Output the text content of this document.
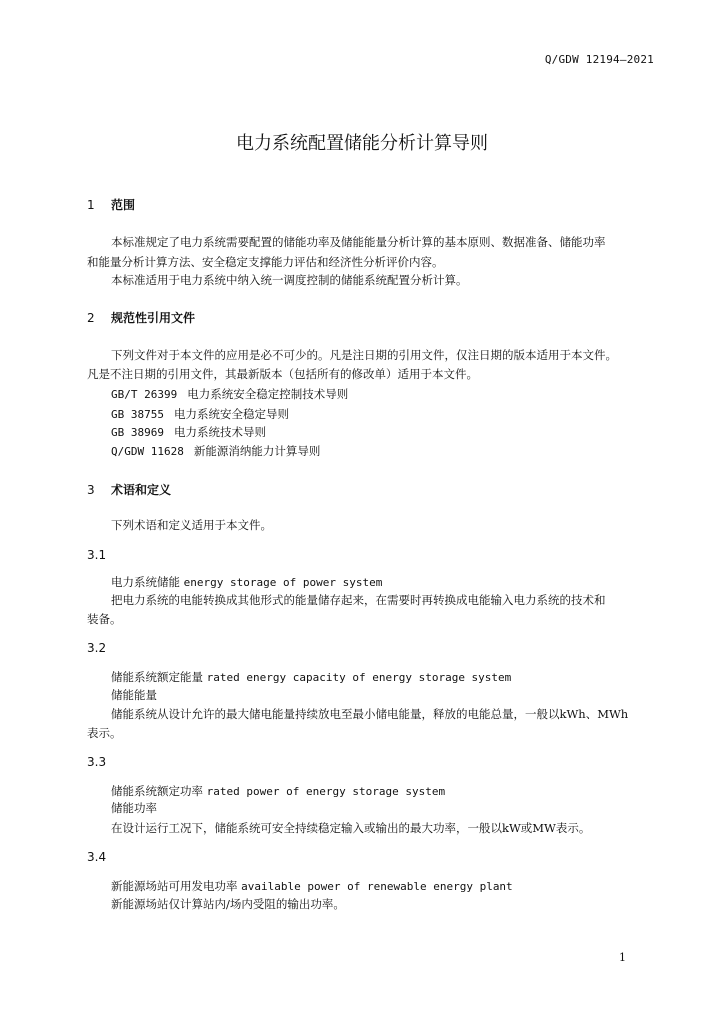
Q/GDW 12194—2021
电力系统配置储能分析计算导则
1 范围
本标准规定了电力系统需要配置的储能功率及储能能量分析计算的基本原则、数据准备、储能功率
和能量分析计算方法、安全稳定支撑能力评估和经济性分析评价内容。
本标准适用于电力系统中纳入统一调度控制的储能系统配置分析计算。
2 规范性引用文件
下列文件对于本文件的应用是必不可少的。凡是注日期的引用文件，仅注日期的版本适用于本文件。
凡是不注日期的引用文件，其最新版本（包括所有的修改单）适用于本文件。
GB/T 26399 电力系统安全稳定控制技术导则
GB 38755 电力系统安全稳定导则
GB 38969 电力系统技术导则
Q/GDW 11628 新能源消纳能力计算导则
3 术语和定义
下列术语和定义适用于本文件。
3.1
电力系统储能 energy storage of power system
把电力系统的电能转换成其他形式的能量储存起来，在需要时再转换成电能输入电力系统的技术和
装备。
3.2
储能系统额定能量 rated energy capacity of energy storage system
储能能量
储能系统从设计允许的最大储电能量持续放电至最小储电能量，释放的电能总量，一般以kWh、MWh
表示。
3.3
储能系统额定功率 rated power of energy storage system
储能功率
在设计运行工况下，储能系统可安全持续稳定输入或输出的最大功率，一般以kW或MW表示。
3.4
新能源场站可用发电功率 available power of renewable energy plant
新能源场站仅计算站内/场内受阻的输出功率。
1
